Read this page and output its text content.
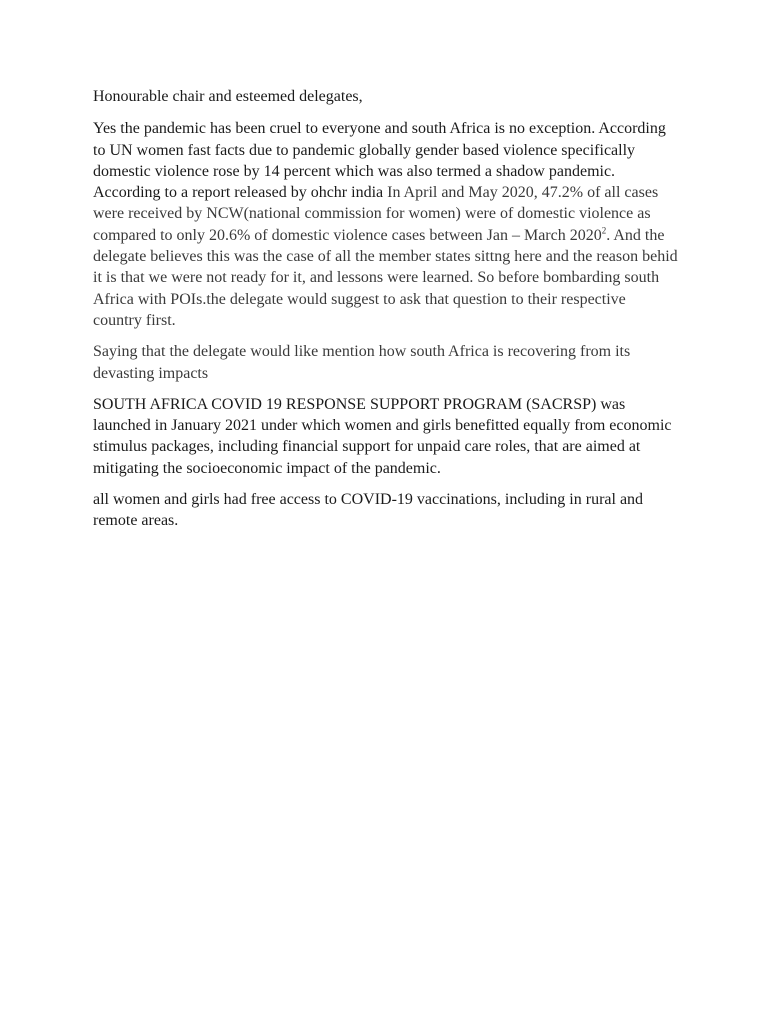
Honourable chair and esteemed delegates,

Yes the pandemic has been cruel to everyone and south Africa is no exception. According to UN women fast facts due to pandemic globally gender based violence specifically domestic violence rose by 14 percent which was also termed a shadow pandemic. According to a report released by ohchr india In April and May 2020, 47.2% of all cases were received by NCW(national commission for women) were of domestic violence as compared to only 20.6% of domestic violence cases between Jan – March 2020$^2$. And the delegate believes this was the case of all the member states sittng here and the reason behid it is that we were not ready for it, and lessons were learned. So before bombarding south Africa with POIs.the delegate would suggest to ask that question to their respective country first.

Saying that the delegate would like mention how south Africa is recovering from its devasting impacts

SOUTH AFRICA COVID 19 RESPONSE SUPPORT PROGRAM (SACRSP) was launched in January 2021 under which women and girls benefitted equally from economic stimulus packages, including financial support for unpaid care roles, that are aimed at mitigating the socioeconomic impact of the pandemic.

all women and girls had free access to COVID-19 vaccinations, including in rural and remote areas.
